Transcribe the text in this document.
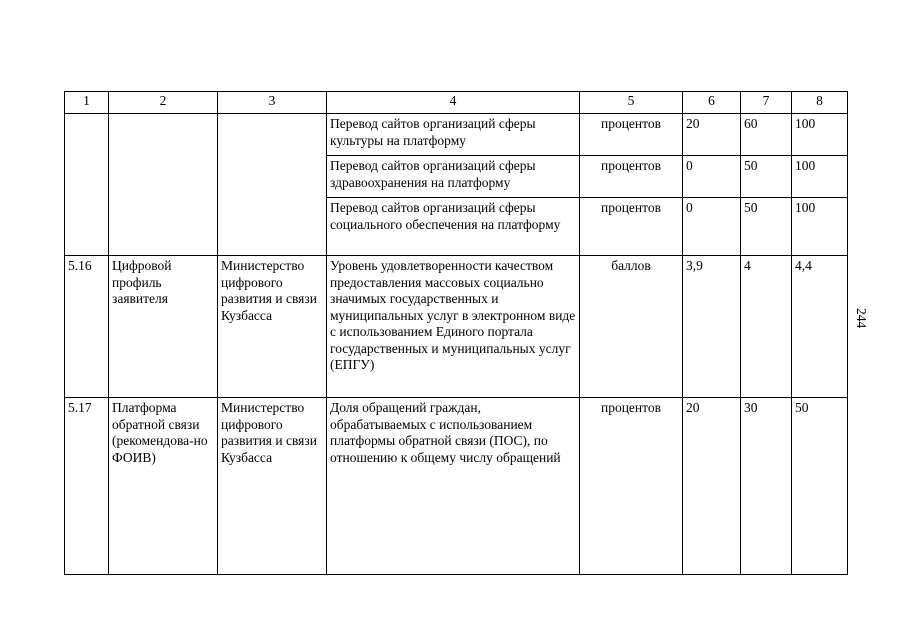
1	2	3	4	5	6	7	8
			Перевод сайтов организаций сферы культуры на платформу	процентов	20	60	100
			Перевод сайтов организаций сферы здравоохранения на платформу	процентов	0	50	100
			Перевод сайтов организаций сферы социального обеспечения на платформу	процентов	0	50	100
5.16	Цифровой профиль заявителя	Министерство цифрового развития и связи Кузбасса	Уровень удовлетворенности качеством предоставления массовых социально значимых государственных и муниципальных услуг в электронном виде с использованием Единого портала государственных и муниципальных услуг (ЕПГУ)	баллов	3,9	4	4,4
5.17	Платформа обратной связи (рекомендова-но ФОИВ)	Министерство цифрового развития и связи Кузбасса	Доля обращений граждан, обрабатываемых с использованием платформы обратной связи (ПОС), по отношению к общему числу обращений	процентов	20	30	50
244
